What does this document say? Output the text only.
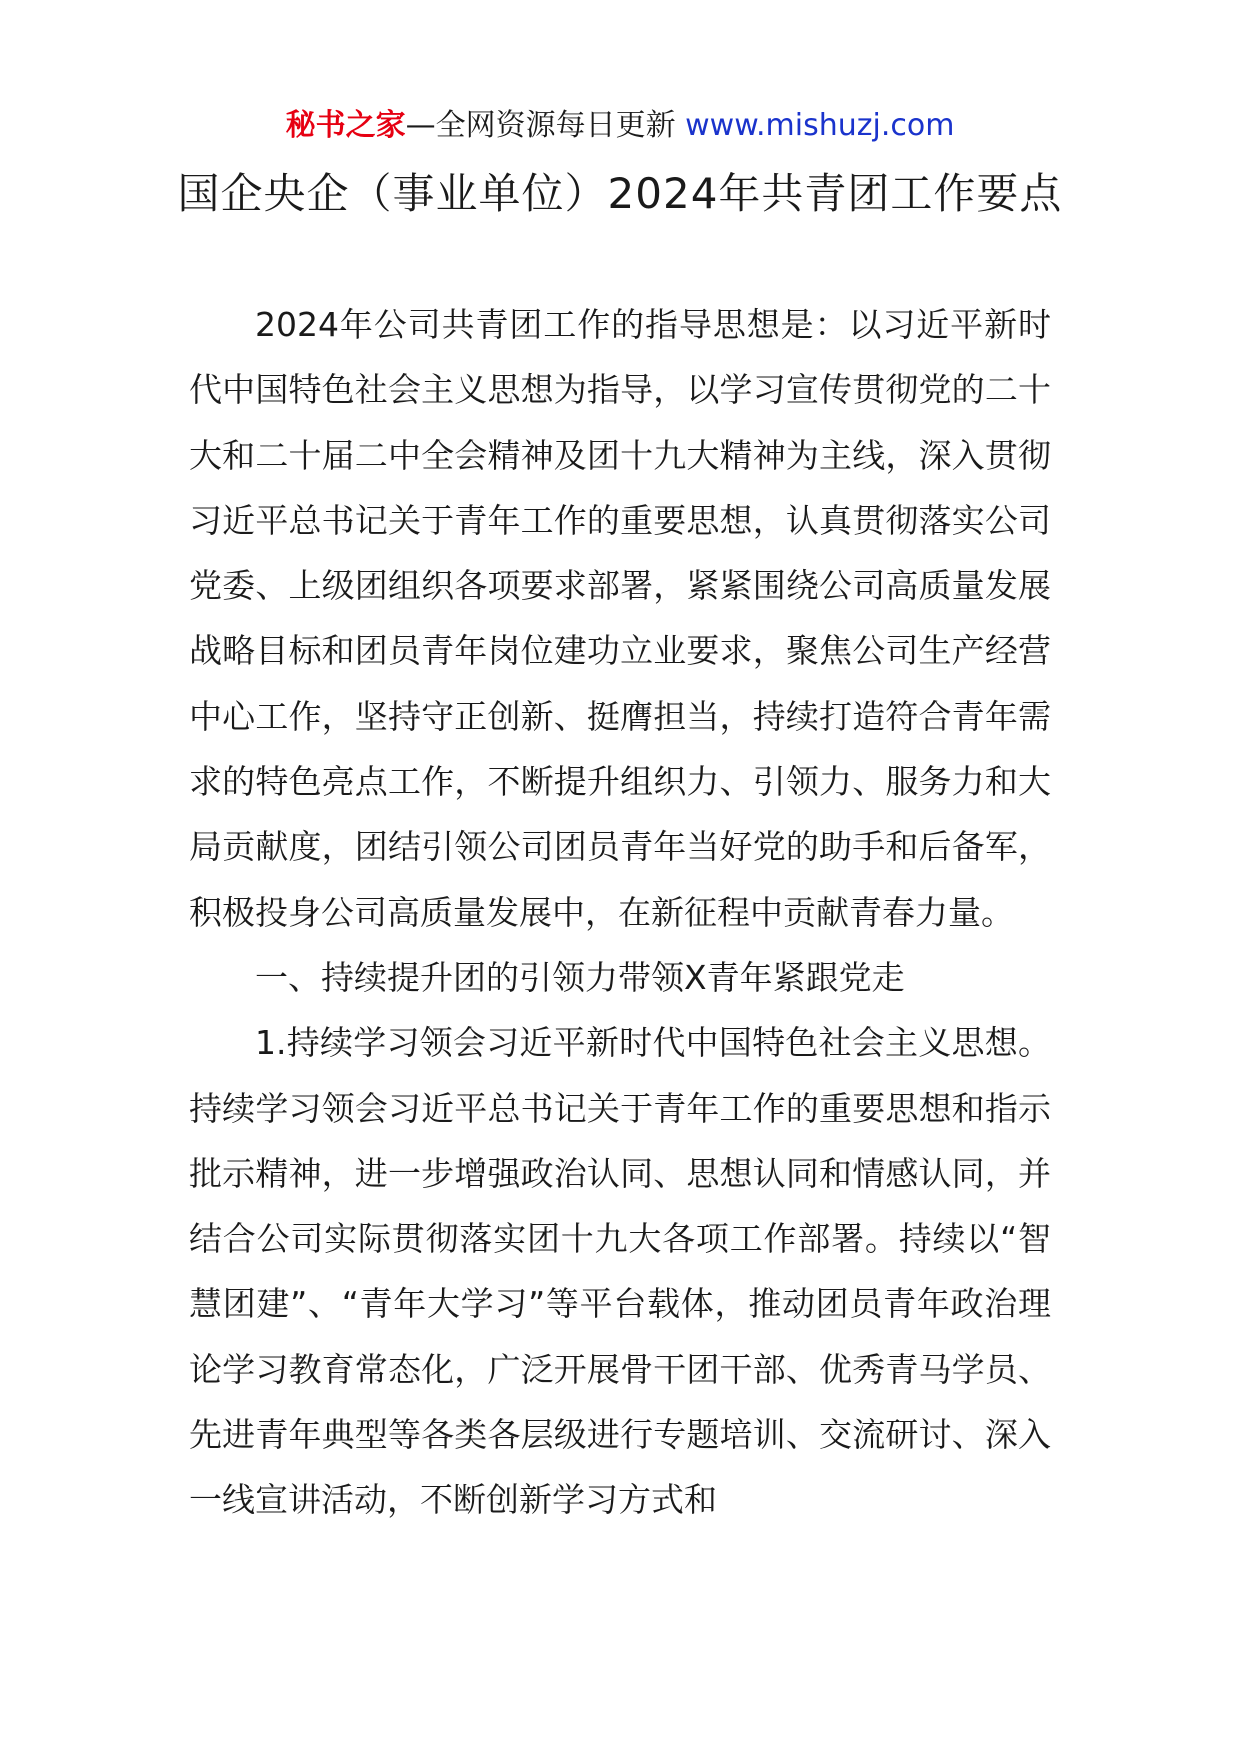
秘书之家—全网资源每日更新 www.mishuzj.com
国企央企（事业单位）2024年共青团工作要点

2024年公司共青团工作的指导思想是：以习近平新时代中国特色社会主义思想为指导，以学习宣传贯彻党的二十大和二十届二中全会精神及团十九大精神为主线，深入贯彻习近平总书记关于青年工作的重要思想，认真贯彻落实公司党委、上级团组织各项要求部署，紧紧围绕公司高质量发展战略目标和团员青年岗位建功立业要求，聚焦公司生产经营中心工作，坚持守正创新、挺膺担当，持续打造符合青年需求的特色亮点工作，不断提升组织力、引领力、服务力和大局贡献度，团结引领公司团员青年当好党的助手和后备军，积极投身公司高质量发展中，在新征程中贡献青春力量。

一、持续提升团的引领力带领X青年紧跟党走

1.持续学习领会习近平新时代中国特色社会主义思想。持续学习领会习近平总书记关于青年工作的重要思想和指示批示精神，进一步增强政治认同、思想认同和情感认同，并结合公司实际贯彻落实团十九大各项工作部署。持续以“智慧团建”、“青年大学习”等平台载体，推动团员青年政治理论学习教育常态化，广泛开展骨干团干部、优秀青马学员、先进青年典型等各类各层级进行专题培训、交流研讨、深入一线宣讲活动，不断创新学习方式和
